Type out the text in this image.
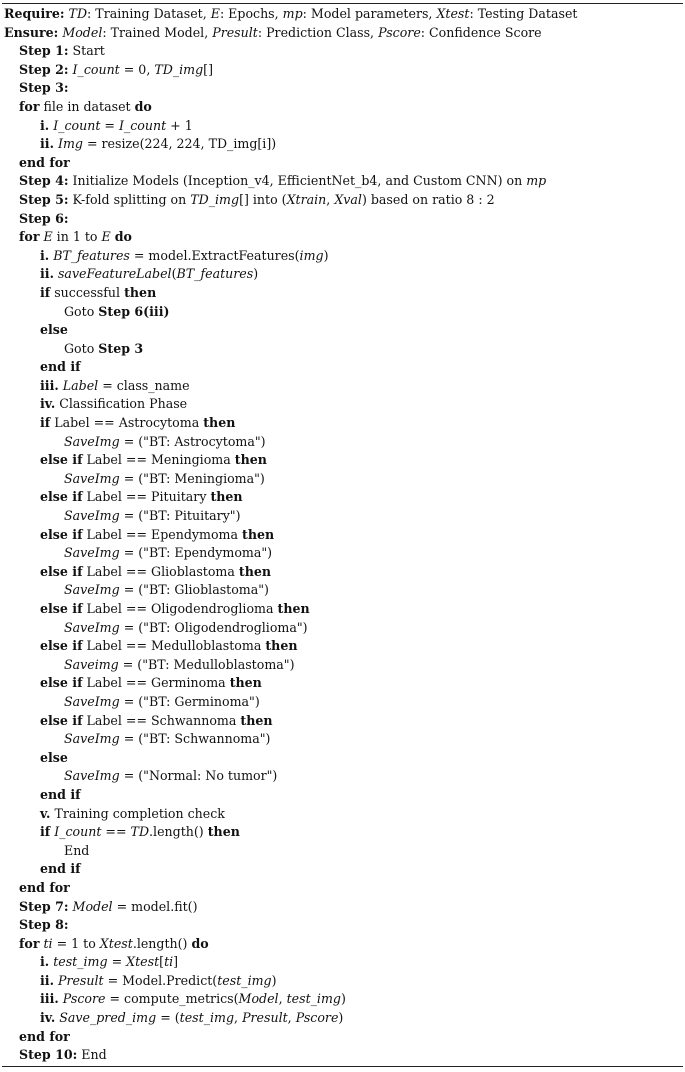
Require: TD: Training Dataset, E: Epochs, mp: Model parameters, Xtest: Testing Dataset
Ensure: Model: Trained Model, Presult: Prediction Class, Pscore: Confidence Score
Step 1: Start
Step 2: I_count = 0, TD_img[]
Step 3:
for file in dataset do
i. I_count = I_count + 1
ii. Img = resize(224, 224, TD_img[i])
end for
Step 4: Initialize Models (Inception_v4, EfficientNet_b4, and Custom CNN) on mp
Step 5: K-fold splitting on TD_img[] into (Xtrain, Xval) based on ratio 8 : 2
Step 6:
for E in 1 to E do
i. BT_features = model.ExtractFeatures(img)
ii. saveFeatureLabel(BT_features)
if successful then
Goto Step 6(iii)
else
Goto Step 3
end if
iii. Label = class_name
iv. Classification Phase
if Label == Astrocytoma then
SaveImg = ("BT: Astrocytoma")
else if Label == Meningioma then
SaveImg = ("BT: Meningioma")
else if Label == Pituitary then
SaveImg = ("BT: Pituitary")
else if Label == Ependymoma then
SaveImg = ("BT: Ependymoma")
else if Label == Glioblastoma then
SaveImg = ("BT: Glioblastoma")
else if Label == Oligodendroglioma then
SaveImg = ("BT: Oligodendroglioma")
else if Label == Medulloblastoma then
Saveimg = ("BT: Medulloblastoma")
else if Label == Germinoma then
SaveImg = ("BT: Germinoma")
else if Label == Schwannoma then
SaveImg = ("BT: Schwannoma")
else
SaveImg = ("Normal: No tumor")
end if
v. Training completion check
if I_count == TD.length() then
End
end if
end for
Step 7: Model = model.fit()
Step 8:
for ti = 1 to Xtest.length() do
i. test_img = Xtest[ti]
ii. Presult = Model.Predict(test_img)
iii. Pscore = compute_metrics(Model, test_img)
iv. Save_pred_img = (test_img, Presult, Pscore)
end for
Step 10: End
